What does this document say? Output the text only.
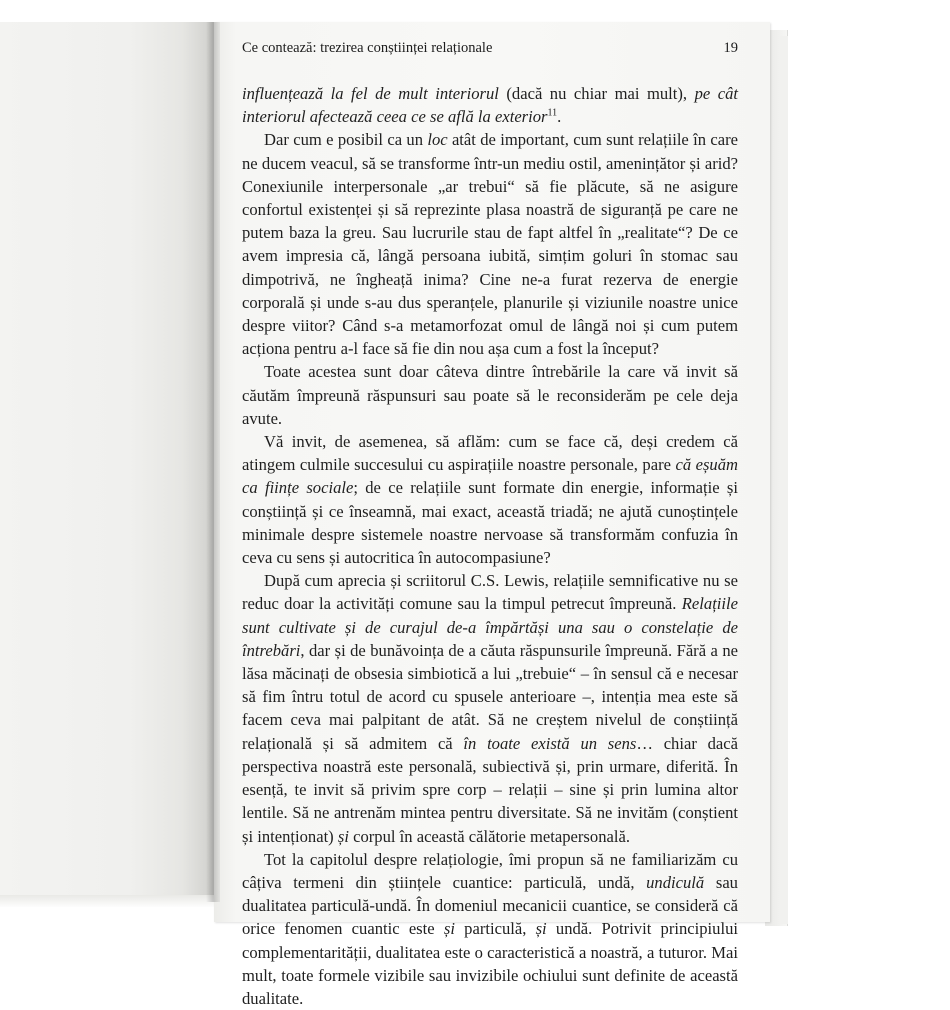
Ce contează: trezirea conștiinței relaționale	19

influențează la fel de mult interiorul (dacă nu chiar mai mult), pe cât interiorul afectează ceea ce se află la exterior$^{11}$.

Dar cum e posibil ca un loc atât de important, cum sunt relațiile în care ne ducem veacul, să se transforme într-un mediu ostil, amenințător și arid? Conexiunile interpersonale „ar trebui“ să fie plăcute, să ne asigure confortul existenței și să reprezinte plasa noastră de siguranță pe care ne putem baza la greu. Sau lucrurile stau de fapt altfel în „realitate“? De ce avem impresia că, lângă persoana iubită, simțim goluri în stomac sau dimpotrivă, ne îngheață inima? Cine ne-a furat rezerva de energie corporală și unde s-au dus speranțele, planurile și viziunile noastre unice despre viitor? Când s-a metamorfozat omul de lângă noi și cum putem acționa pentru a-l face să fie din nou așa cum a fost la început?

Toate acestea sunt doar câteva dintre întrebările la care vă invit să căutăm împreună răspunsuri sau poate să le reconsiderăm pe cele deja avute.

Vă invit, de asemenea, să aflăm: cum se face că, deși credem că atingem culmile succesului cu aspirațiile noastre personale, pare că eșuăm ca ființe sociale; de ce relațiile sunt formate din energie, informație și conștiință și ce înseamnă, mai exact, această triadă; ne ajută cunoștințele minimale despre sistemele noastre nervoase să transformăm confuzia în ceva cu sens și autocritica în autocompasiune?

După cum aprecia și scriitorul C.S. Lewis, relațiile semnificative nu se reduc doar la activități comune sau la timpul petrecut împreună. Relațiile sunt cultivate și de curajul de-a împărtăși una sau o constelație de întrebări, dar și de bunăvoința de a căuta răspunsurile împreună. Fără a ne lăsa măcinați de obsesia simbiotică a lui „trebuie“ – în sensul că e necesar să fim întru totul de acord cu spusele anterioare –, intenția mea este să facem ceva mai palpitant de atât. Să ne creștem nivelul de conștiință relațională și să admitem că în toate există un sens… chiar dacă perspectiva noastră este personală, subiectivă și, prin urmare, diferită. În esență, te invit să privim spre corp – relații – sine și prin lumina altor lentile. Să ne antrenăm mintea pentru diversitate. Să ne invităm (conștient și intenționat) și corpul în această călătorie metapersonală.

Tot la capitolul despre relațiologie, îmi propun să ne familiarizăm cu câțiva termeni din științele cuantice: particulă, undă, undiculă sau dualitatea particulă-undă. În domeniul mecanicii cuantice, se consideră că orice fenomen cuantic este și particulă, și undă. Potrivit principiului complementarității, dualitatea este o caracteristică a noastră, a tuturor. Mai mult, toate formele vizibile sau invizibile ochiului sunt definite de această dualitate.
